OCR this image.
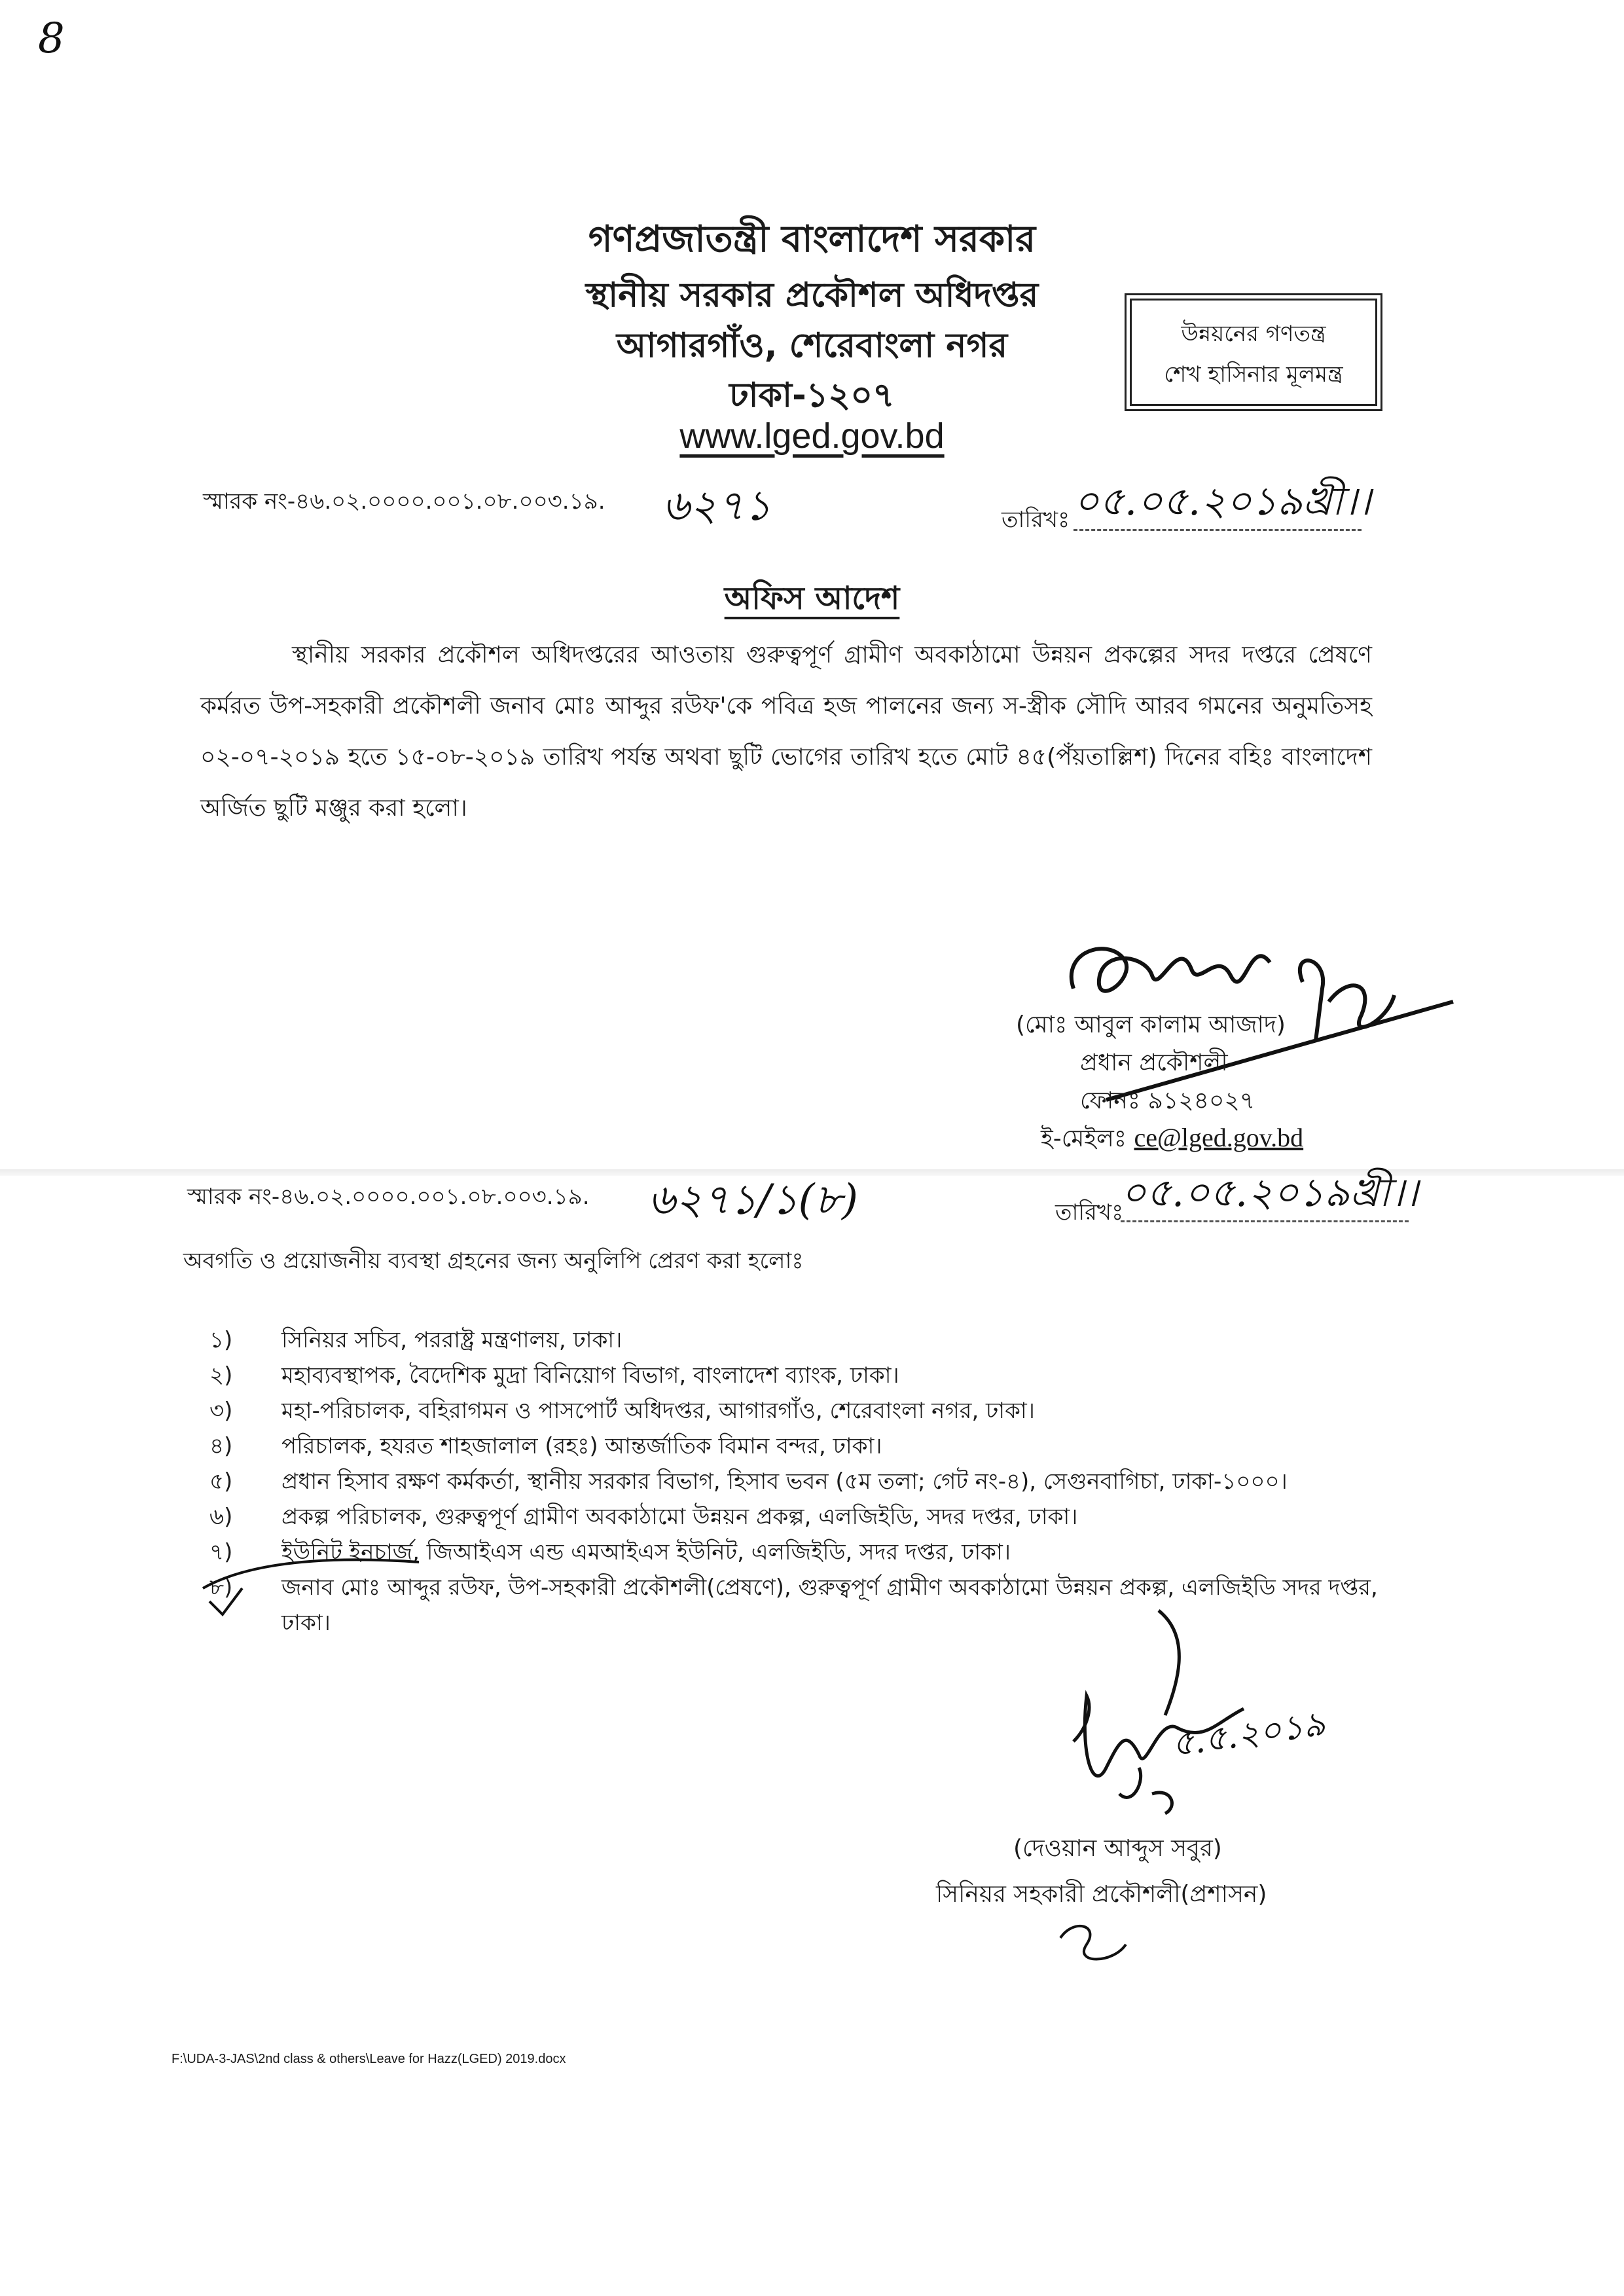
8
গণপ্রজাতন্ত্রী বাংলাদেশ সরকার
স্থানীয় সরকার প্রকৌশল অধিদপ্তর
আগারগাঁও, শেরেবাংলা নগর
ঢাকা-১২০৭
www.lged.gov.bd
উন্নয়নের গণতন্ত্র
শেখ হাসিনার মূলমন্ত্র
স্মারক নং-৪৬.০২.০০০০.০০১.০৮.০০৩.১৯. ৬২৭১	তারিখঃ ০৫.০৫.২০১৯খ্রী।।
অফিস আদেশ
স্থানীয় সরকার প্রকৌশল অধিদপ্তরের আওতায় গুরুত্বপূর্ণ গ্রামীণ অবকাঠামো উন্নয়ন প্রকল্পের সদর দপ্তরে প্রেষণে কর্মরত উপ-সহকারী প্রকৌশলী জনাব মোঃ আব্দুর রউফ'কে পবিত্র হজ পালনের জন্য স-স্ত্রীক সৌদি আরব গমনের অনুমতিসহ ০২-০৭-২০১৯ হতে ১৫-০৮-২০১৯ তারিখ পর্যন্ত অথবা ছুটি ভোগের তারিখ হতে মোট ৪৫(পঁয়তাল্লিশ) দিনের বহিঃ বাংলাদেশ অর্জিত ছুটি মঞ্জুর করা হলো।
(মোঃ আবুল কালাম আজাদ)
প্রধান প্রকৌশলী
ফোনঃ ৯১২৪০২৭
ই-মেইলঃ ce@lged.gov.bd
স্মারক নং-৪৬.০২.০০০০.০০১.০৮.০০৩.১৯. ৬২৭১/১(৮)	তারিখঃ
০৫.০৫.২০১৯খ্রী।।
অবগতি ও প্রয়োজনীয় ব্যবস্থা গ্রহনের জন্য অনুলিপি প্রেরণ করা হলোঃ
১)	সিনিয়র সচিব, পররাষ্ট্র মন্ত্রণালয়, ঢাকা।
২)	মহাব্যবস্থাপক, বৈদেশিক মুদ্রা বিনিয়োগ বিভাগ, বাংলাদেশ ব্যাংক, ঢাকা।
৩)	মহা-পরিচালক, বহিরাগমন ও পাসপোর্ট অধিদপ্তর, আগারগাঁও, শেরেবাংলা নগর, ঢাকা।
৪)	পরিচালক, হযরত শাহজালাল (রহঃ) আন্তর্জাতিক বিমান বন্দর, ঢাকা।
৫)	প্রধান হিসাব রক্ষণ কর্মকর্তা, স্থানীয় সরকার বিভাগ, হিসাব ভবন (৫ম তলা; গেট নং-৪), সেগুনবাগিচা, ঢাকা-১০০০।
৬)	প্রকল্প পরিচালক, গুরুত্বপূর্ণ গ্রামীণ অবকাঠামো উন্নয়ন প্রকল্প, এলজিইডি, সদর দপ্তর, ঢাকা।
৭)	ইউনিট ইনচার্জ, জিআইএস এন্ড এমআইএস ইউনিট, এলজিইডি, সদর দপ্তর, ঢাকা।
৮)	জনাব মোঃ আব্দুর রউফ, উপ-সহকারী প্রকৌশলী(প্রেষণে), গুরুত্বপূর্ণ গ্রামীণ অবকাঠামো উন্নয়ন প্রকল্প, এলজিইডি সদর দপ্তর, ঢাকা।
৫.৫.২০১৯
(দেওয়ান আব্দুস সবুর)
সিনিয়র সহকারী প্রকৌশলী(প্রশাসন)
F:\UDA-3-JAS\2nd class & others\Leave for Hazz(LGED) 2019.docx
